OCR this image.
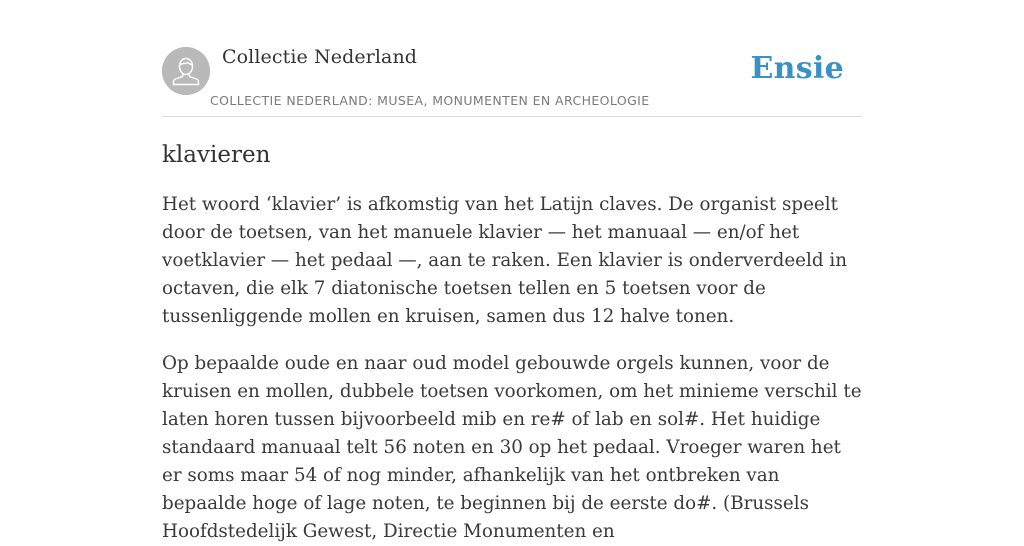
Collectie Nederland
COLLECTIE NEDERLAND: MUSEA, MONUMENTEN EN ARCHEOLOGIE
Ensie
klavieren

Het woord ‘klavier’ is afkomstig van het Latijn claves. De organist speelt door de toetsen, van het manuele klavier — het manuaal — en/of het voetklavier — het pedaal —, aan te raken. Een klavier is onderverdeeld in octaven, die elk 7 diatonische toetsen tellen en 5 toetsen voor de tussenliggende mollen en kruisen, samen dus 12 halve tonen.

Op bepaalde oude en naar oud model gebouwde orgels kunnen, voor de kruisen en mollen, dubbele toetsen voorkomen, om het minieme verschil te laten horen tussen bijvoorbeeld mib en re# of lab en sol#. Het huidige standaard manuaal telt 56 noten en 30 op het pedaal. Vroeger waren het er soms maar 54 of nog minder, afhankelijk van het ontbreken van bepaalde hoge of lage noten, te beginnen bij de eerste do#. (Brussels Hoofdstedelijk Gewest, Directie Monumenten en
